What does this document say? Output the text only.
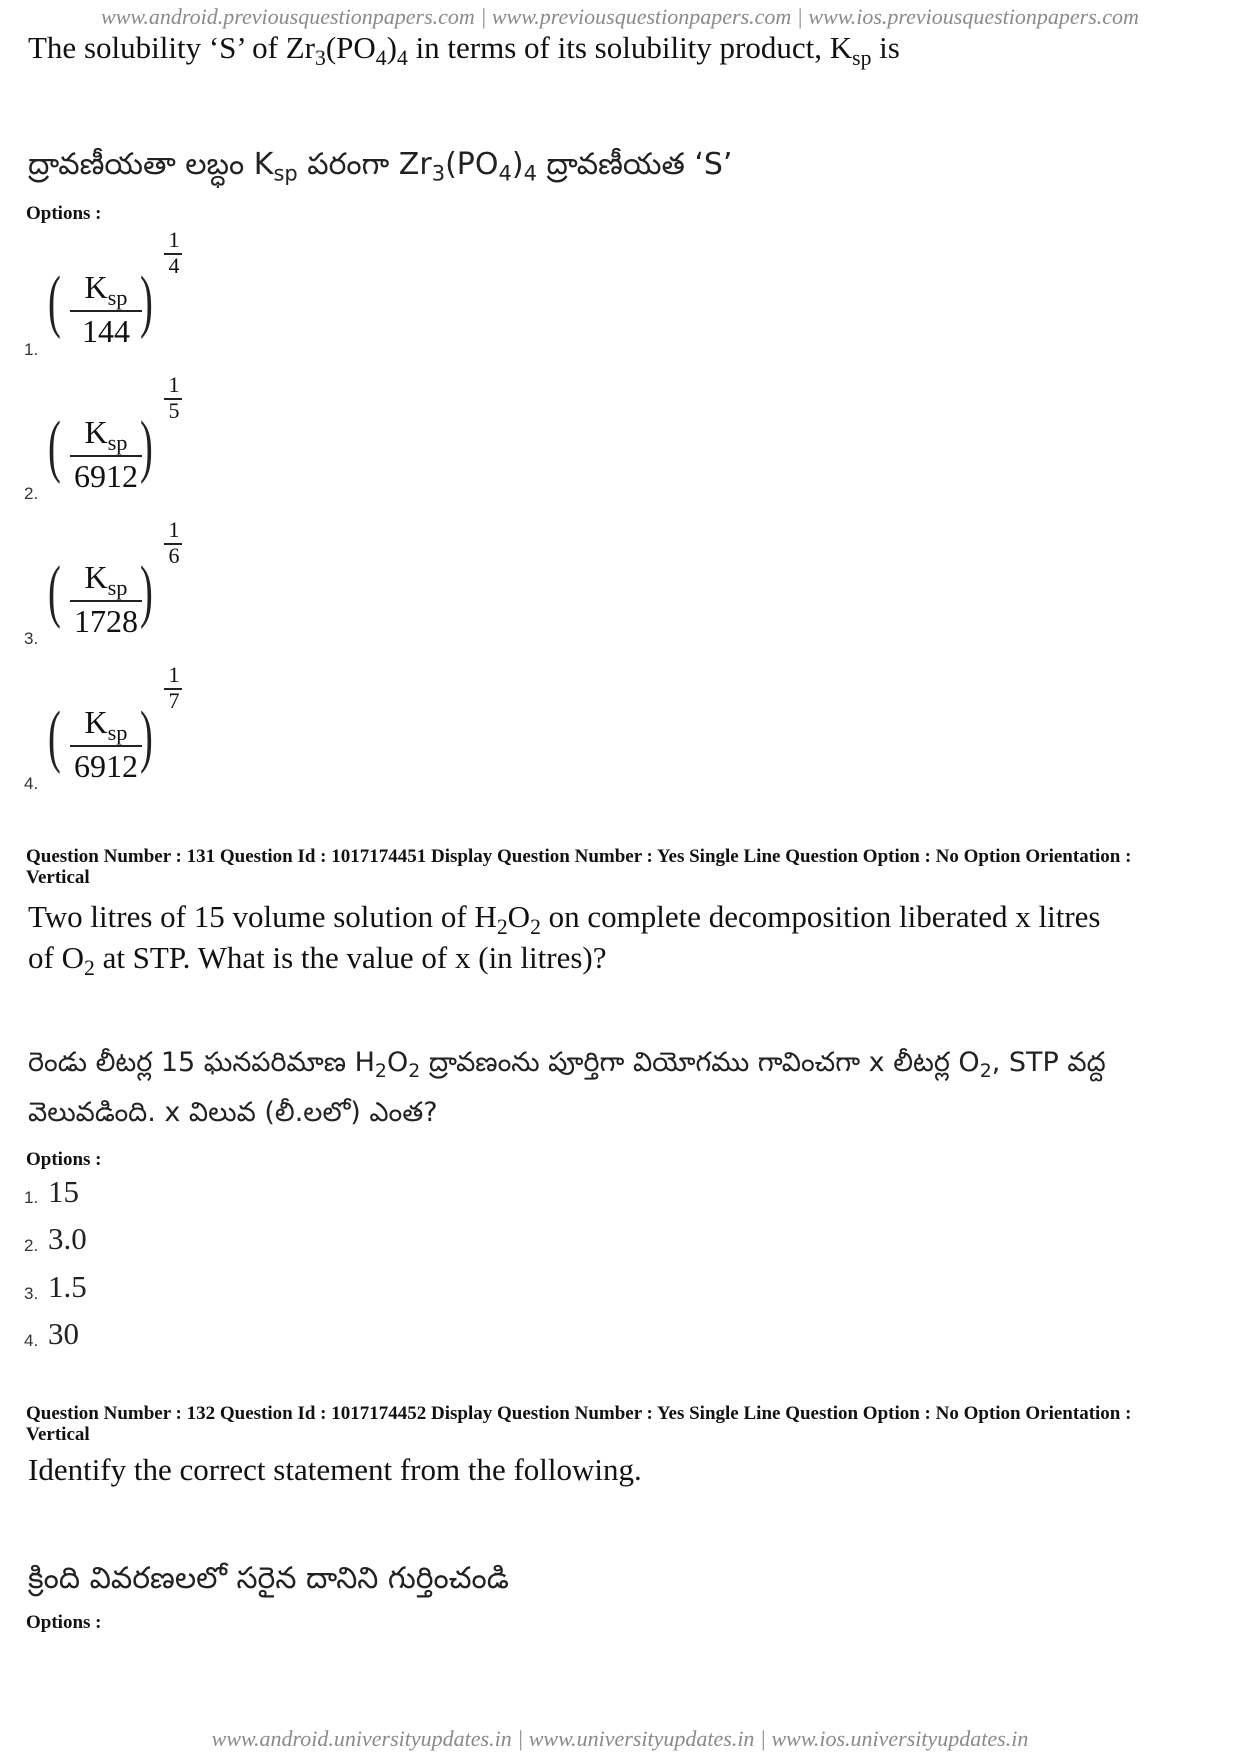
www.android.previousquestionpapers.com | www.previousquestionpapers.com | www.ios.previousquestionpapers.com
The solubility ‘S’ of $Zr_3(PO_4)_4$ in terms of its solubility product, $K_{sp}$ is
ద్రావణీయతా లబ్ధం $K_{sp}$ పరంగా $Zr_3(PO_4)_4$ ద్రావణీయత ‘S’
Options :
1.
( $K_{sp}$
144 )
1
4
2.
( $K_{sp}$
6912 )
1
5
3.
( $K_{sp}$
1728 )
1
6
4.
( $K_{sp}$
6912 )
1
7
Question Number : 131 Question Id : 1017174451 Display Question Number : Yes Single Line Question Option : No Option Orientation : Vertical
Two litres of 15 volume solution of $H_2O_2$ on complete decomposition liberated x litres
of $O_2$ at STP. What is the value of x (in litres)?
రెండు లీటర్ల 15 ఘనపరిమాణ $H_2O_2$ ద్రావణంను పూర్తిగా వియోగము గావించగా x లీటర్ల $O_2$, STP వద్ద
వెలువడింది. x విలువ (లీ.లలో) ఎంత?
Options :
1. 15
2. 3.0
3. 1.5
4. 30
Question Number : 132 Question Id : 1017174452 Display Question Number : Yes Single Line Question Option : No Option Orientation : Vertical
Identify the correct statement from the following.
క్రింది వివరణలలో సరైన దానిని గుర్తించండి
Options :
www.android.universityupdates.in | www.universityupdates.in | www.ios.universityupdates.in
